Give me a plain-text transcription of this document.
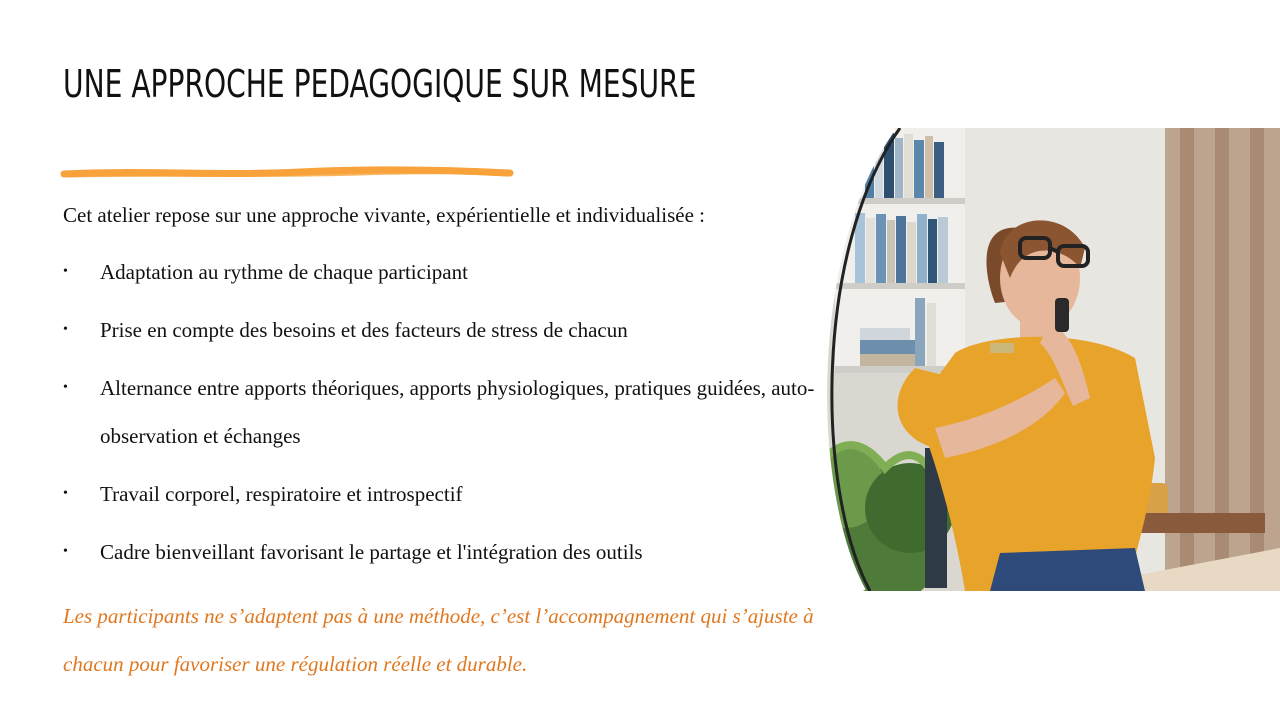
UNE APPROCHE PEDAGOGIQUE SUR MESURE
Cet atelier repose sur une approche vivante, expérientielle et individualisée :
• Adaptation au rythme de chaque participant
• Prise en compte des besoins et des facteurs de stress de chacun
• Alternance entre apports théoriques, apports physiologiques, pratiques guidées, auto-observation et échanges
• Travail corporel, respiratoire et introspectif
• Cadre bienveillant favorisant le partage et l'intégration des outils
Les participants ne s’adaptent pas à une méthode, c’est l’accompagnement qui s’ajuste à chacun pour favoriser une régulation réelle et durable.
